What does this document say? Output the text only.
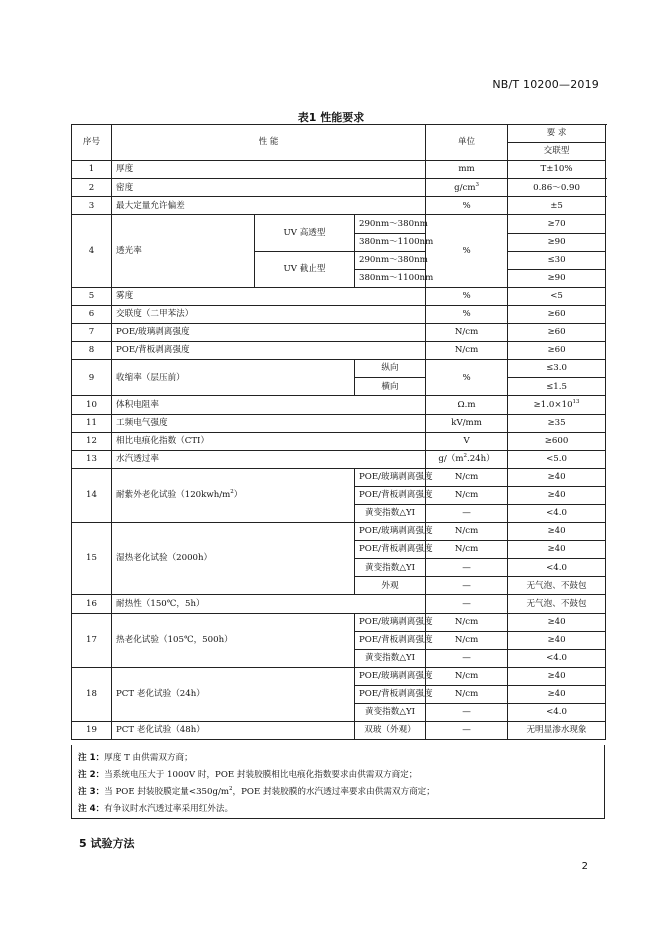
NB/T 10200—2019
表1 性能要求
序号	性 能			单位	要 求	
					交联型	
1	厚度			mm	T±10%	
2	密度			$g/cm^3$	0.86～0.90	
3	最大定量允许偏差			%	±5	
4	透光率	UV 高透型	290nm～380nm	%	≥70	
			380nm～1100nm		≥90	
		UV 截止型	290nm～380nm		≤30	
			380nm～1100nm		≥90	
5	雾度			%	<5	
6	交联度（二甲苯法）			%	≥60	
7	POE/玻璃剥离强度			N/cm	≥60	
8	POE/背板剥离强度			N/cm	≥60	
9	收缩率（层压前）		纵向	%	≤3.0	
			横向		≤1.5	
10	体积电阻率			Ω.m	$\ge 1.0\times 10^{13}$	
11	工频电气强度			kV/mm	≥35	
12	相比电痕化指数（CTI）			V	≥600	
13	水汽透过率			$g/(m^2.24h)$	<5.0	
14	耐紫外老化试验$(120kwh/m^2)$		POE/玻璃剥离强度	N/cm	≥40	
			POE/背板剥离强度	N/cm	≥40	
			黄变指数△YI	—	<4.0	
15	湿热老化试验（2000h）		POE/玻璃剥离强度	N/cm	≥40	
			POE/背板剥离强度	N/cm	≥40	
			黄变指数△YI	—	<4.0	
			外观	—	无气泡、不鼓包	
16	耐热性（150℃，5h）			—	无气泡、不鼓包	
17	热老化试验（105℃，500h）		POE/玻璃剥离强度	N/cm	≥40	
			POE/背板剥离强度	N/cm	≥40	
			黄变指数△YI	—	<4.0	
18	PCT 老化试验（24h）		POE/玻璃剥离强度	N/cm	≥40	
			POE/背板剥离强度	N/cm	≥40	
			黄变指数△YI	—	<4.0	
19	PCT 老化试验（48h）		双玻（外观）	—	无明显渗水现象	
注 1：厚度 T 由供需双方商；
注 2：当系统电压大于 1000V 时，POE 封装胶膜相比电痕化指数要求由供需双方商定；
注 3：当 POE 封装胶膜定量$<350g/m^2$，POE 封装胶膜的水汽透过率要求由供需双方商定；
注 4：有争议时水汽透过率采用红外法。
5 试验方法
2
